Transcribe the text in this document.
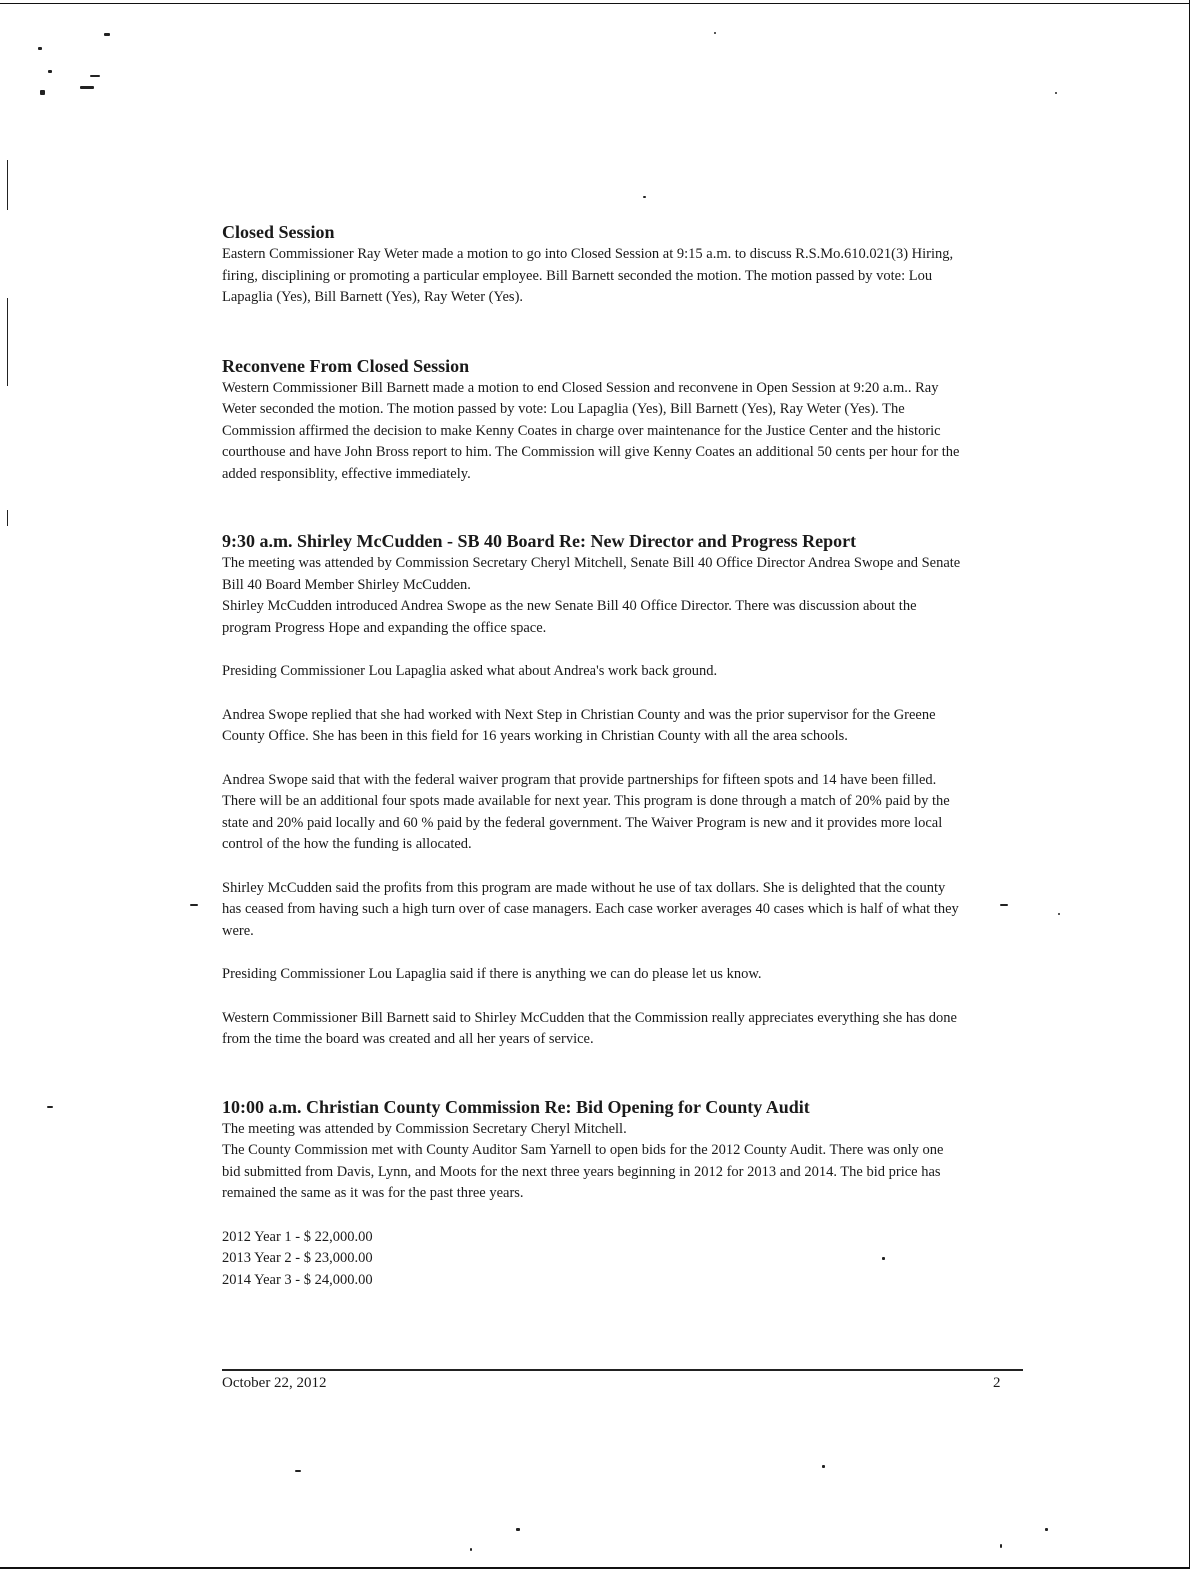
Closed Session

Eastern Commissioner Ray Weter made a motion to go into Closed Session at 9:15 a.m. to discuss R.S.Mo.610.021(3) Hiring, firing, disciplining or promoting a particular employee. Bill Barnett seconded the motion. The motion passed by vote: Lou Lapaglia (Yes), Bill Barnett (Yes), Ray Weter (Yes).

Reconvene From Closed Session

Western Commissioner Bill Barnett made a motion to end Closed Session and reconvene in Open Session at 9:20 a.m.. Ray Weter seconded the motion. The motion passed by vote: Lou Lapaglia (Yes), Bill Barnett (Yes), Ray Weter (Yes). The Commission affirmed the decision to make Kenny Coates in charge over maintenance for the Justice Center and the historic courthouse and have John Bross report to him. The Commission will give Kenny Coates an additional 50 cents per hour for the added responsiblity, effective immediately.

9:30 a.m. Shirley McCudden - SB 40 Board Re: New Director and Progress Report

The meeting was attended by Commission Secretary Cheryl Mitchell, Senate Bill 40 Office Director Andrea Swope and Senate Bill 40 Board Member Shirley McCudden.

Shirley McCudden introduced Andrea Swope as the new Senate Bill 40 Office Director. There was discussion about the program Progress Hope and expanding the office space.

Presiding Commissioner Lou Lapaglia asked what about Andrea's work back ground.

Andrea Swope replied that she had worked with Next Step in Christian County and was the prior supervisor for the Greene County Office. She has been in this field for 16 years working in Christian County with all the area schools.

Andrea Swope said that with the federal waiver program that provide partnerships for fifteen spots and 14 have been filled. There will be an additional four spots made available for next year. This program is done through a match of 20% paid by the state and 20% paid locally and 60 % paid by the federal government. The Waiver Program is new and it provides more local control of the how the funding is allocated.

Shirley McCudden said the profits from this program are made without he use of tax dollars. She is delighted that the county has ceased from having such a high turn over of case managers. Each case worker averages 40 cases which is half of what they were.

Presiding Commissioner Lou Lapaglia said if there is anything we can do please let us know.

Western Commissioner Bill Barnett said to Shirley McCudden that the Commission really appreciates everything she has done from the time the board was created and all her years of service.

10:00 a.m. Christian County Commission Re: Bid Opening for County Audit

The meeting was attended by Commission Secretary Cheryl Mitchell.

The County Commission met with County Auditor Sam Yarnell to open bids for the 2012 County Audit. There was only one bid submitted from Davis, Lynn, and Moots for the next three years beginning in 2012 for 2013 and 2014. The bid price has remained the same as it was for the past three years.

2012 Year 1 - $ 22,000.00

2013 Year 2 - $ 23,000.00

2014 Year 3 - $ 24,000.00

October 22, 2012	2
